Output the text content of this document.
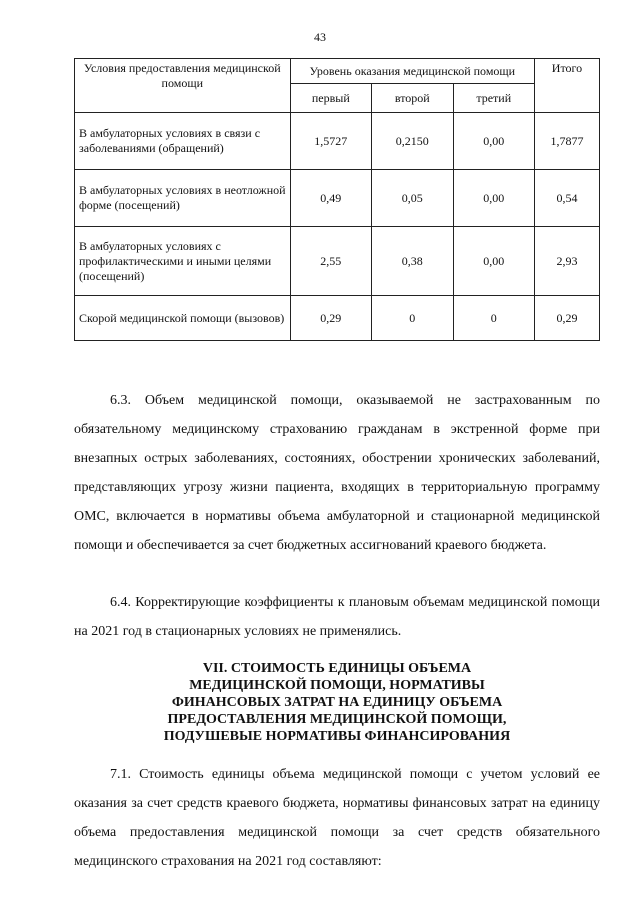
43
Условия предоставления медицинской помощи	Уровень оказания медицинской помощи			Итого
	первый	второй	третий	
В амбулаторных условиях в связи с заболеваниями (обращений)	1,5727	0,2150	0,00	1,7877
В амбулаторных условиях в неотложной форме (посещений)	0,49	0,05	0,00	0,54
В амбулаторных условиях с профилактическими и иными целями (посещений)	2,55	0,38	0,00	2,93
Скорой медицинской помощи (вызовов)	0,29	0	0	0,29
6.3. Объем медицинской помощи, оказываемой не застрахованным по обязательному медицинскому страхованию гражданам в экстренной форме при внезапных острых заболеваниях, состояниях, обострении хронических заболеваний, представляющих угрозу жизни пациента, входящих в территориальную программу ОМС, включается в нормативы объема амбулаторной и стационарной медицинской помощи и обеспечивается за счет бюджетных ассигнований краевого бюджета.
6.4. Корректирующие коэффициенты к плановым объемам медицинской помощи на 2021 год в стационарных условиях не применялись.
VII. СТОИМОСТЬ ЕДИНИЦЫ ОБЪЕМА
МЕДИЦИНСКОЙ ПОМОЩИ, НОРМАТИВЫ
ФИНАНСОВЫХ ЗАТРАТ НА ЕДИНИЦУ ОБЪЕМА
ПРЕДОСТАВЛЕНИЯ МЕДИЦИНСКОЙ ПОМОЩИ,
ПОДУШЕВЫЕ НОРМАТИВЫ ФИНАНСИРОВАНИЯ
7.1. Стоимость единицы объема медицинской помощи с учетом условий ее оказания за счет средств краевого бюджета, нормативы финансовых затрат на единицу объема предоставления медицинской помощи за счет средств обязательного медицинского страхования на 2021 год составляют:
